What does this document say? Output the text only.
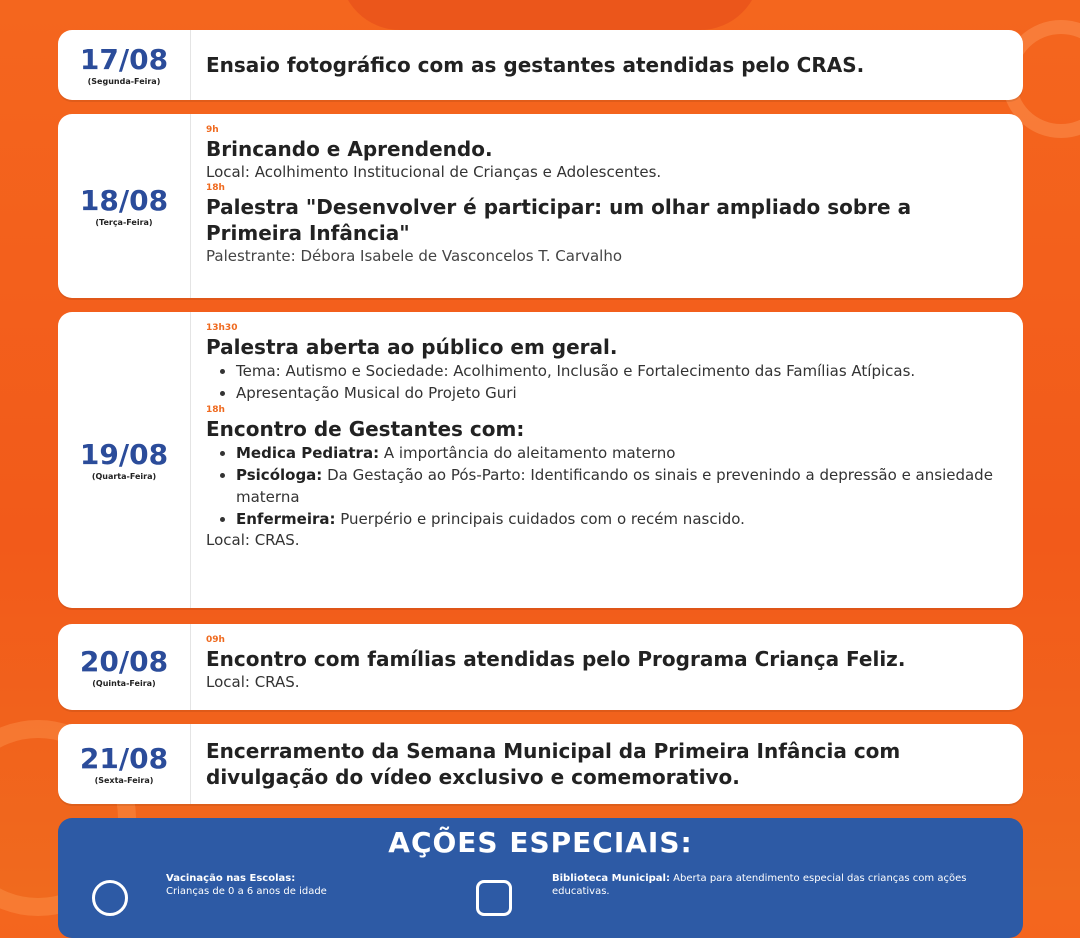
17/08
(Segunda-Feira)
Ensaio fotográfico com as gestantes atendidas pelo CRAS.
18/08
(Terça-Feira)
9h
Brincando e Aprendendo.
Local: Acolhimento Institucional de Crianças e Adolescentes.
18h
Palestra "Desenvolver é participar: um olhar ampliado sobre a Primeira Infância"
Palestrante: Débora Isabele de Vasconcelos T. Carvalho
19/08
(Quarta-Feira)
13h30
Palestra aberta ao público em geral.
• Tema: Autismo e Sociedade: Acolhimento, Inclusão e Fortalecimento das Famílias Atípicas.
• Apresentação Musical do Projeto Guri
18h
Encontro de Gestantes com:
• Medica Pediatra: A importância do aleitamento materno
• Psicóloga: Da Gestação ao Pós-Parto: Identificando os sinais e prevenindo a depressão e ansiedade materna
• Enfermeira: Puerpério e principais cuidados com o recém nascido.
Local: CRAS.
20/08
(Quinta-Feira)
09h
Encontro com famílias atendidas pelo Programa Criança Feliz.
Local: CRAS.
21/08
(Sexta-Feira)
Encerramento da Semana Municipal da Primeira Infância com divulgação do vídeo exclusivo e comemorativo.
AÇÕES ESPECIAIS:
Vacinação nas Escolas:
Crianças de 0 a 6 anos de idade
Biblioteca Municipal: Aberta para atendimento especial das crianças com ações educativas.
